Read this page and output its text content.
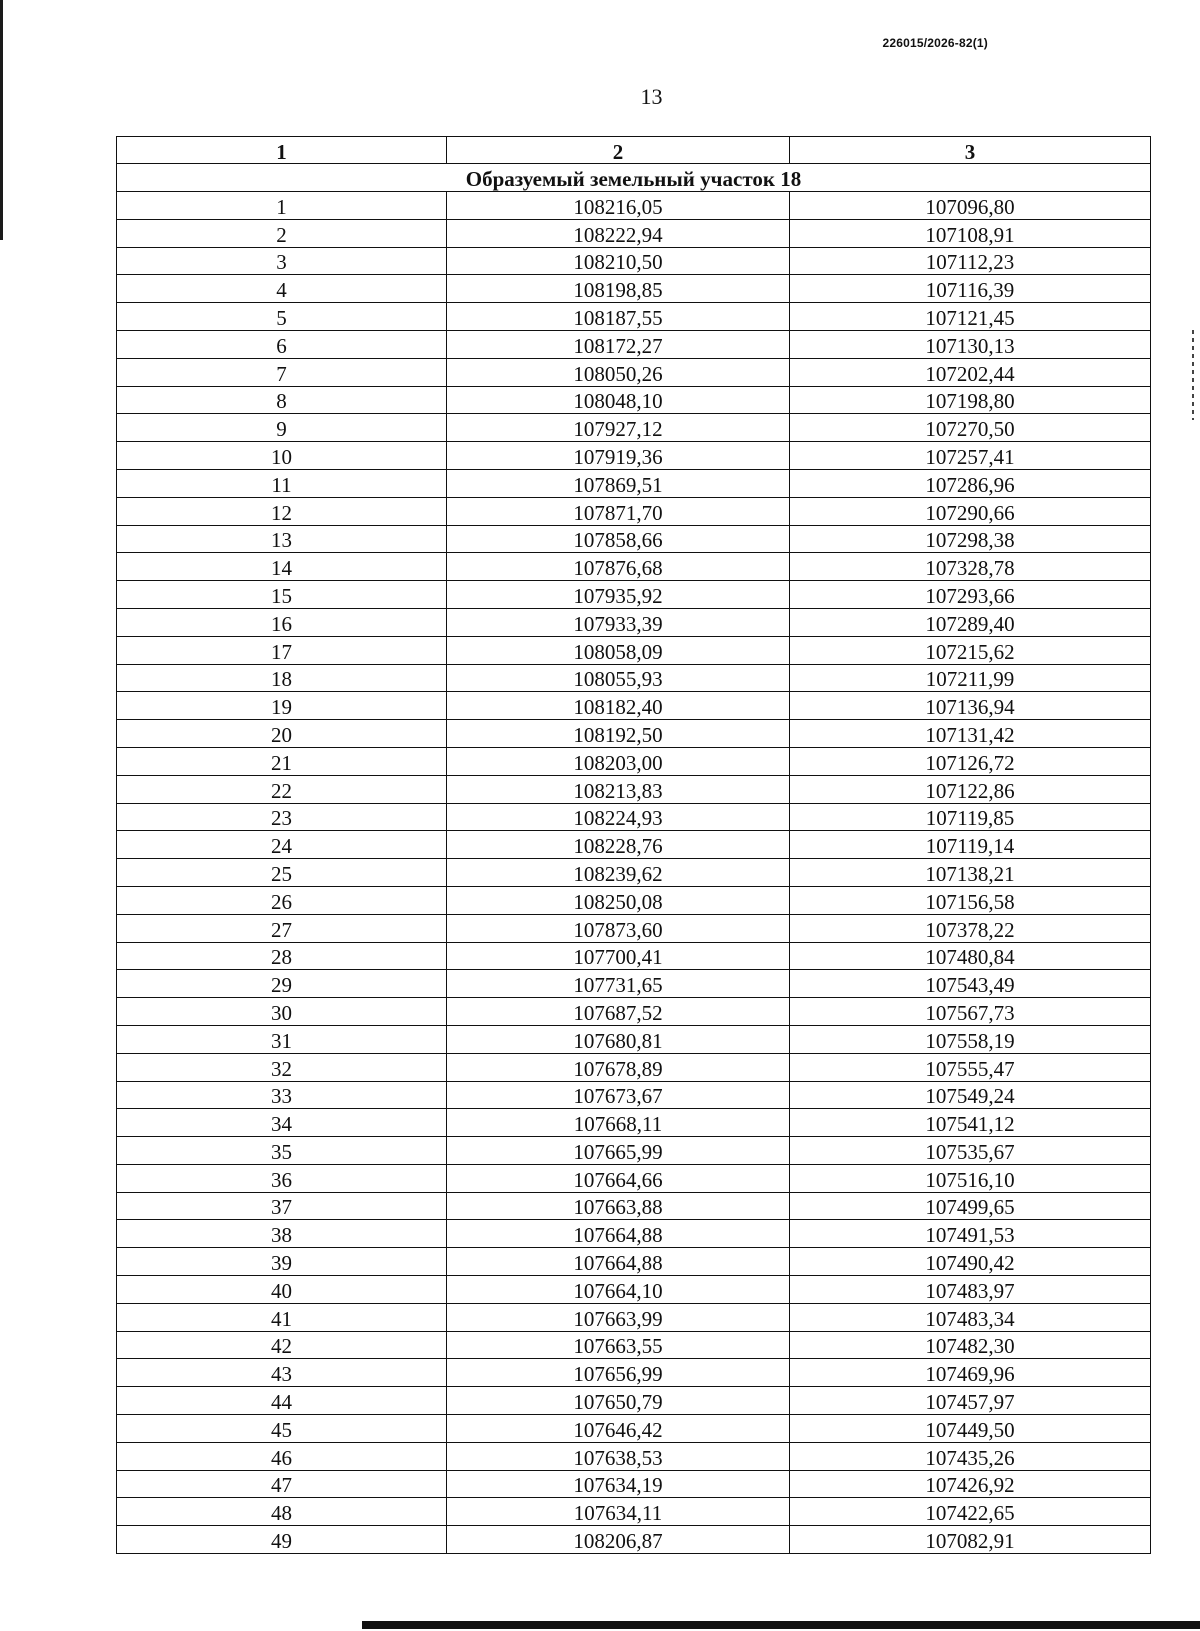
226015/2026-82(1)
13
1	2	3
Образуемый земельный участок 18		
1	108216,05	107096,80
2	108222,94	107108,91
3	108210,50	107112,23
4	108198,85	107116,39
5	108187,55	107121,45
6	108172,27	107130,13
7	108050,26	107202,44
8	108048,10	107198,80
9	107927,12	107270,50
10	107919,36	107257,41
11	107869,51	107286,96
12	107871,70	107290,66
13	107858,66	107298,38
14	107876,68	107328,78
15	107935,92	107293,66
16	107933,39	107289,40
17	108058,09	107215,62
18	108055,93	107211,99
19	108182,40	107136,94
20	108192,50	107131,42
21	108203,00	107126,72
22	108213,83	107122,86
23	108224,93	107119,85
24	108228,76	107119,14
25	108239,62	107138,21
26	108250,08	107156,58
27	107873,60	107378,22
28	107700,41	107480,84
29	107731,65	107543,49
30	107687,52	107567,73
31	107680,81	107558,19
32	107678,89	107555,47
33	107673,67	107549,24
34	107668,11	107541,12
35	107665,99	107535,67
36	107664,66	107516,10
37	107663,88	107499,65
38	107664,88	107491,53
39	107664,88	107490,42
40	107664,10	107483,97
41	107663,99	107483,34
42	107663,55	107482,30
43	107656,99	107469,96
44	107650,79	107457,97
45	107646,42	107449,50
46	107638,53	107435,26
47	107634,19	107426,92
48	107634,11	107422,65
49	108206,87	107082,91
